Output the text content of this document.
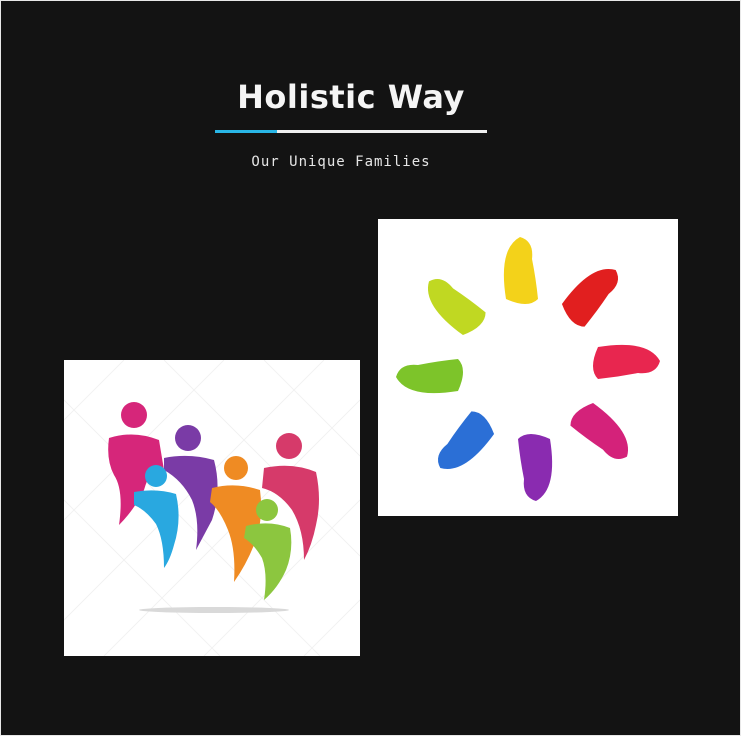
Holistic Way
Our Unique Families
